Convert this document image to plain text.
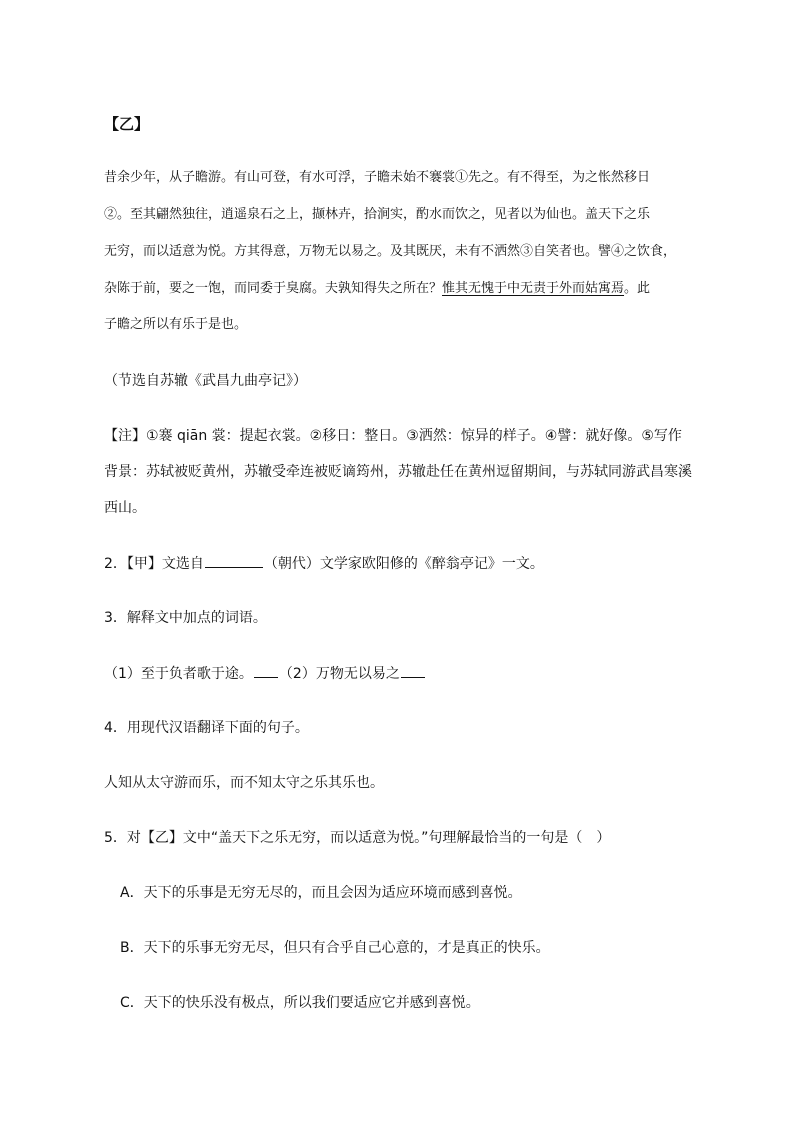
【乙】
昔余少年，从子瞻游。有山可登，有水可浮，子瞻未始不褰裳①先之。有不得至，为之怅然移日
②。至其翩然独往，逍遥泉石之上，撷林卉，拾涧实，酌水而饮之，见者以为仙也。盖天下之乐
无穷，而以适意为悦。方其得意，万物无以易之。及其既厌，未有不洒然③自笑者也。譬④之饮食，
杂陈于前，要之一饱，而同委于臭腐。夫孰知得失之所在？惟其无愧于中无责于外而姑寓焉。此
子瞻之所以有乐于是也。
（节选自苏辙《武昌九曲亭记》）
【注】①褰 qiān 裳：提起衣裳。②移日：整日。③洒然：惊异的样子。④譬：就好像。⑤写作
背景：苏轼被贬黄州，苏辙受牵连被贬谪筠州，苏辙赴任在黄州逗留期间，与苏轼同游武昌寒溪
西山。
2．【甲】文选自	（朝代）文学家欧阳修的《醉翁亭记》一文。
3．解释文中加点的词语。
（1）至于负者歌于途。 （2）万物无以易之
4．用现代汉语翻译下面的句子。
人知从太守游而乐，而不知太守之乐其乐也。
5．对【乙】文中“盖天下之乐无穷，而以适意为悦。”句理解最恰当的一句是（　）
A．天下的乐事是无穷无尽的，而且会因为适应环境而感到喜悦。
B．天下的乐事无穷无尽，但只有合乎自己心意的，才是真正的快乐。
C．天下的快乐没有极点，所以我们要适应它并感到喜悦。
